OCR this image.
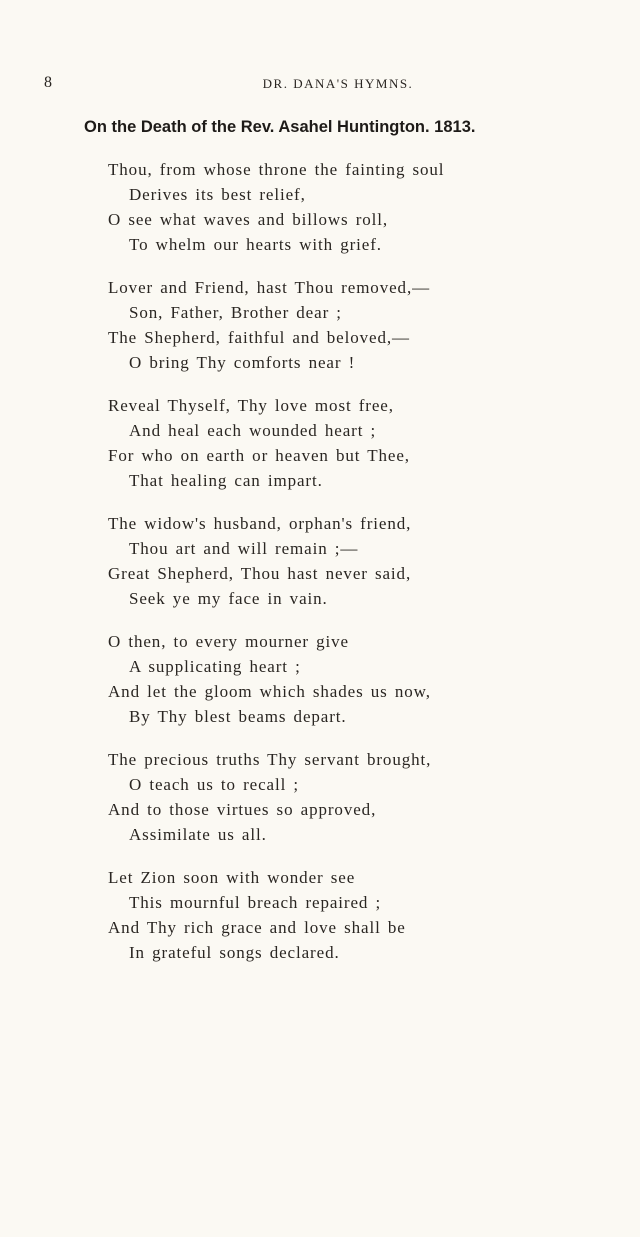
8	DR. DANA'S HYMNS.
On the Death of the Rev. Asahel Huntington. 1813.
Thou, from whose throne the fainting soul
Derives its best relief,
O see what waves and billows roll,
To whelm our hearts with grief.
Lover and Friend, hast Thou removed,—
Son, Father, Brother dear ;
The Shepherd, faithful and beloved,—
O bring Thy comforts near !
Reveal Thyself, Thy love most free,
And heal each wounded heart ;
For who on earth or heaven but Thee,
That healing can impart.
The widow's husband, orphan's friend,
Thou art and will remain ;—
Great Shepherd, Thou hast never said,
Seek ye my face in vain.
O then, to every mourner give
A supplicating heart ;
And let the gloom which shades us now,
By Thy blest beams depart.
The precious truths Thy servant brought,
O teach us to recall ;
And to those virtues so approved,
Assimilate us all.
Let Zion soon with wonder see
This mournful breach repaired ;
And Thy rich grace and love shall be
In grateful songs declared.
